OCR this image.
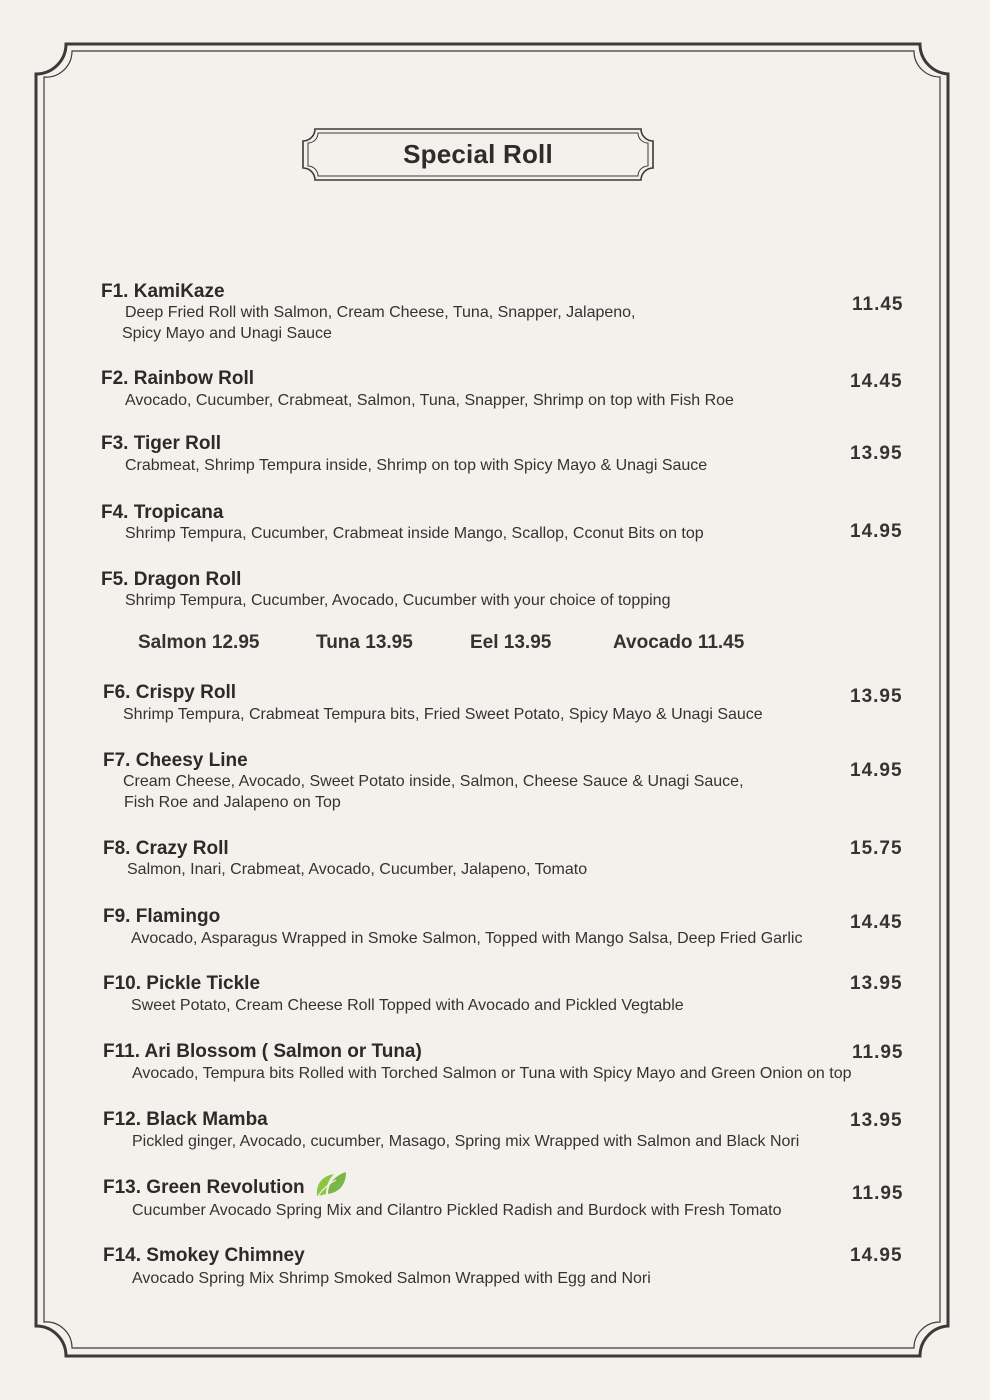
Special Roll
F1. KamiKaze
Deep Fried Roll with Salmon, Cream Cheese, Tuna, Snapper, Jalapeno,
Spicy Mayo and Unagi Sauce
11.45
F2. Rainbow Roll
Avocado, Cucumber, Crabmeat, Salmon, Tuna, Snapper, Shrimp on top with Fish Roe
14.45
F3. Tiger Roll
Crabmeat, Shrimp Tempura inside, Shrimp on top with Spicy Mayo & Unagi Sauce
13.95
F4. Tropicana
Shrimp Tempura, Cucumber, Crabmeat inside Mango, Scallop, Cconut Bits on top	14.95
F5. Dragon Roll
Shrimp Tempura, Cucumber, Avocado, Cucumber with your choice of topping
Salmon 12.95	Tuna 13.95	Eel 13.95	Avocado 11.45
F6. Crispy Roll
Shrimp Tempura, Crabmeat Tempura bits, Fried Sweet Potato, Spicy Mayo & Unagi Sauce
13.95
F7. Cheesy Line
Cream Cheese, Avocado, Sweet Potato inside, Salmon, Cheese Sauce & Unagi Sauce,
Fish Roe and Jalapeno on Top
14.95
F8. Crazy Roll
Salmon, Inari, Crabmeat, Avocado, Cucumber, Jalapeno, Tomato
15.75
F9. Flamingo
Avocado, Asparagus Wrapped in Smoke Salmon, Topped with Mango Salsa, Deep Fried Garlic
14.45
F10. Pickle Tickle
Sweet Potato, Cream Cheese Roll Topped with Avocado and Pickled Vegtable
13.95
F11. Ari Blossom ( Salmon or Tuna)
Avocado, Tempura bits Rolled with Torched Salmon or Tuna with Spicy Mayo and Green Onion on top
11.95
F12. Black Mamba
Pickled ginger, Avocado, cucumber, Masago, Spring mix Wrapped with Salmon and Black Nori
13.95
F13. Green Revolution
Cucumber Avocado Spring Mix and Cilantro Pickled Radish and Burdock with Fresh Tomato
11.95
F14. Smokey Chimney
Avocado Spring Mix Shrimp Smoked Salmon Wrapped with Egg and Nori
14.95
